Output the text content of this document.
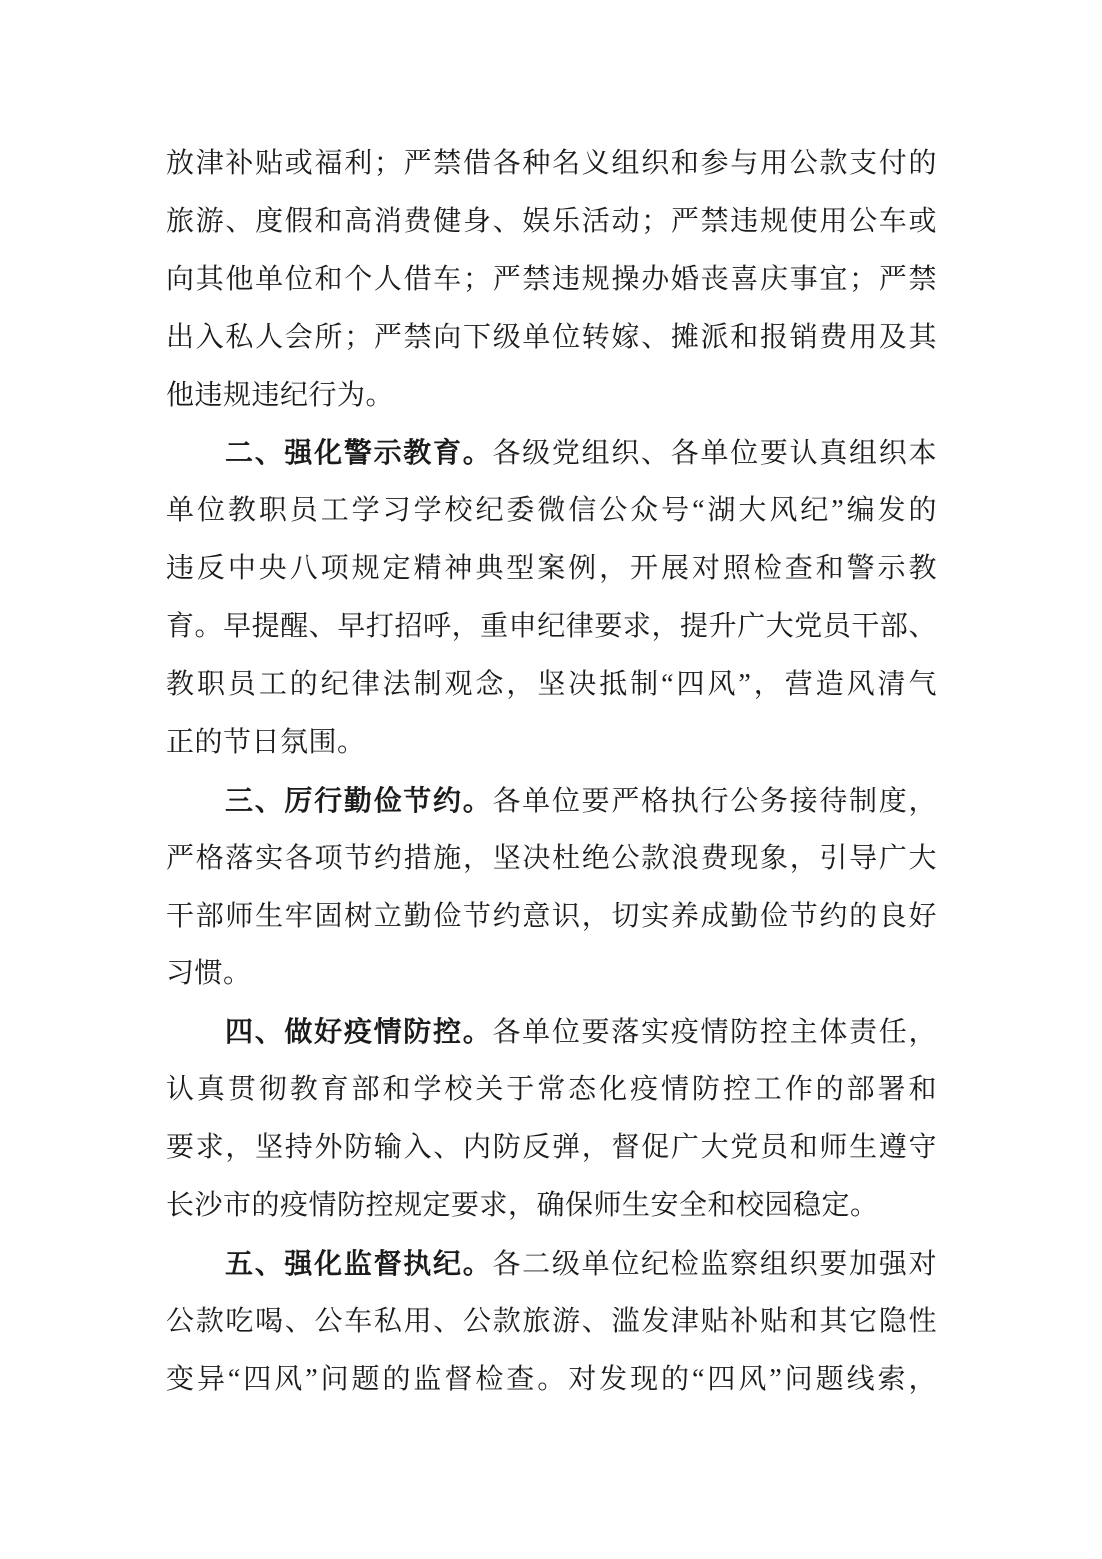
放津补贴或福利；严禁借各种名义组织和参与用公款支付的
旅游、度假和高消费健身、娱乐活动；严禁违规使用公车或
向其他单位和个人借车；严禁违规操办婚丧喜庆事宜；严禁
出入私人会所；严禁向下级单位转嫁、摊派和报销费用及其
他违规违纪行为。
二、强化警示教育。各级党组织、各单位要认真组织本
单位教职员工学习学校纪委微信公众号“湖大风纪”编发的
违反中央八项规定精神典型案例，开展对照检查和警示教
育。早提醒、早打招呼，重申纪律要求，提升广大党员干部、
教职员工的纪律法制观念，坚决抵制“四风”，营造风清气
正的节日氛围。
三、厉行勤俭节约。各单位要严格执行公务接待制度，
严格落实各项节约措施，坚决杜绝公款浪费现象，引导广大
干部师生牢固树立勤俭节约意识，切实养成勤俭节约的良好
习惯。
四、做好疫情防控。各单位要落实疫情防控主体责任，
认真贯彻教育部和学校关于常态化疫情防控工作的部署和
要求，坚持外防输入、内防反弹，督促广大党员和师生遵守
长沙市的疫情防控规定要求，确保师生安全和校园稳定。
五、强化监督执纪。各二级单位纪检监察组织要加强对
公款吃喝、公车私用、公款旅游、滥发津贴补贴和其它隐性
变异“四风”问题的监督检查。对发现的“四风”问题线索，
